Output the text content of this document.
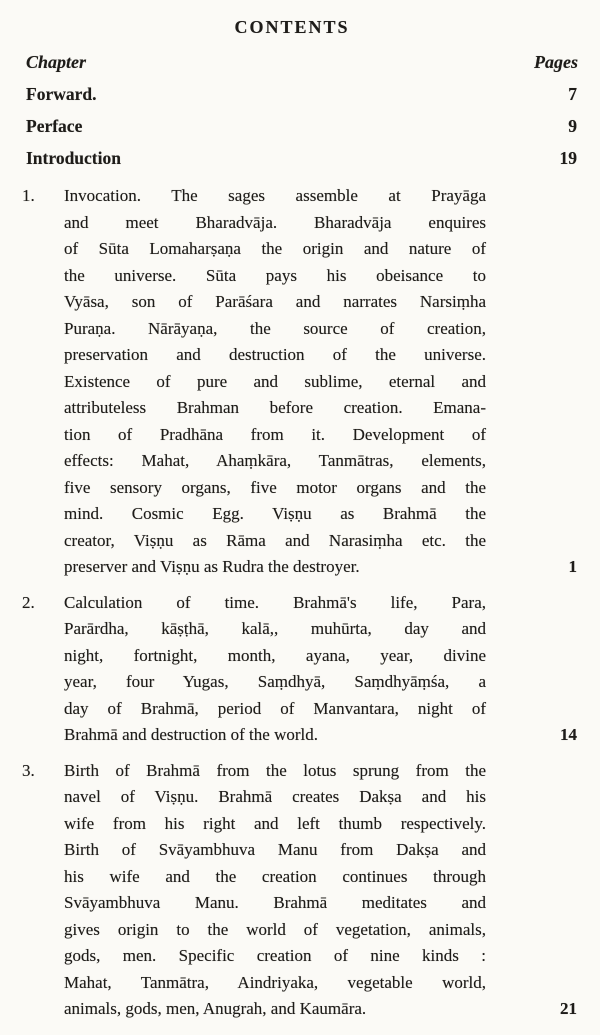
CONTENTS
Chapter	Pages
Forward.	7
Perface	9
Introduction	19
1.	Invocation. The sages assemble at Prayāga
and meet Bharadvāja. Bharadvāja enquires
of Sūta Lomaharṣaṇa the origin and nature of
the universe. Sūta pays his obeisance to
Vyāsa, son of Parāśara and narrates Narsiṃha
Puraṇa. Nārāyaṇa, the source of creation,
preservation and destruction of the universe.
Existence of pure and sublime, eternal and
attributeless Brahman before creation. Emana-
tion of Pradhāna from it. Development of
effects: Mahat, Ahaṃkāra, Tanmātras, elements,
five sensory organs, five motor organs and the
mind. Cosmic Egg. Viṣṇu as Brahmā the
creator, Viṣṇu as Rāma and Narasiṃha etc. the
preserver and Viṣṇu as Rudra the destroyer.	1
2.	Calculation of time. Brahmā's life, Para,
Parārdha, kāṣṭhā, kalā,, muhūrta, day and
night, fortnight, month, ayana, year, divine
year, four Yugas, Saṃdhyā, Saṃdhyāṃśa, a
day of Brahmā, period of Manvantara, night of
Brahmā and destruction of the world.	14
3.	Birth of Brahmā from the lotus sprung from the
navel of Viṣṇu. Brahmā creates Dakṣa and his
wife from his right and left thumb respectively.
Birth of Svāyambhuva Manu from Dakṣa and
his wife and the creation continues through
Svāyambhuva Manu. Brahmā meditates and
gives origin to the world of vegetation, animals,
gods, men. Specific creation of nine kinds :
Mahat, Tanmātra, Aindriyaka, vegetable world,
animals, gods, men, Anugrah, and Kaumāra.	21
